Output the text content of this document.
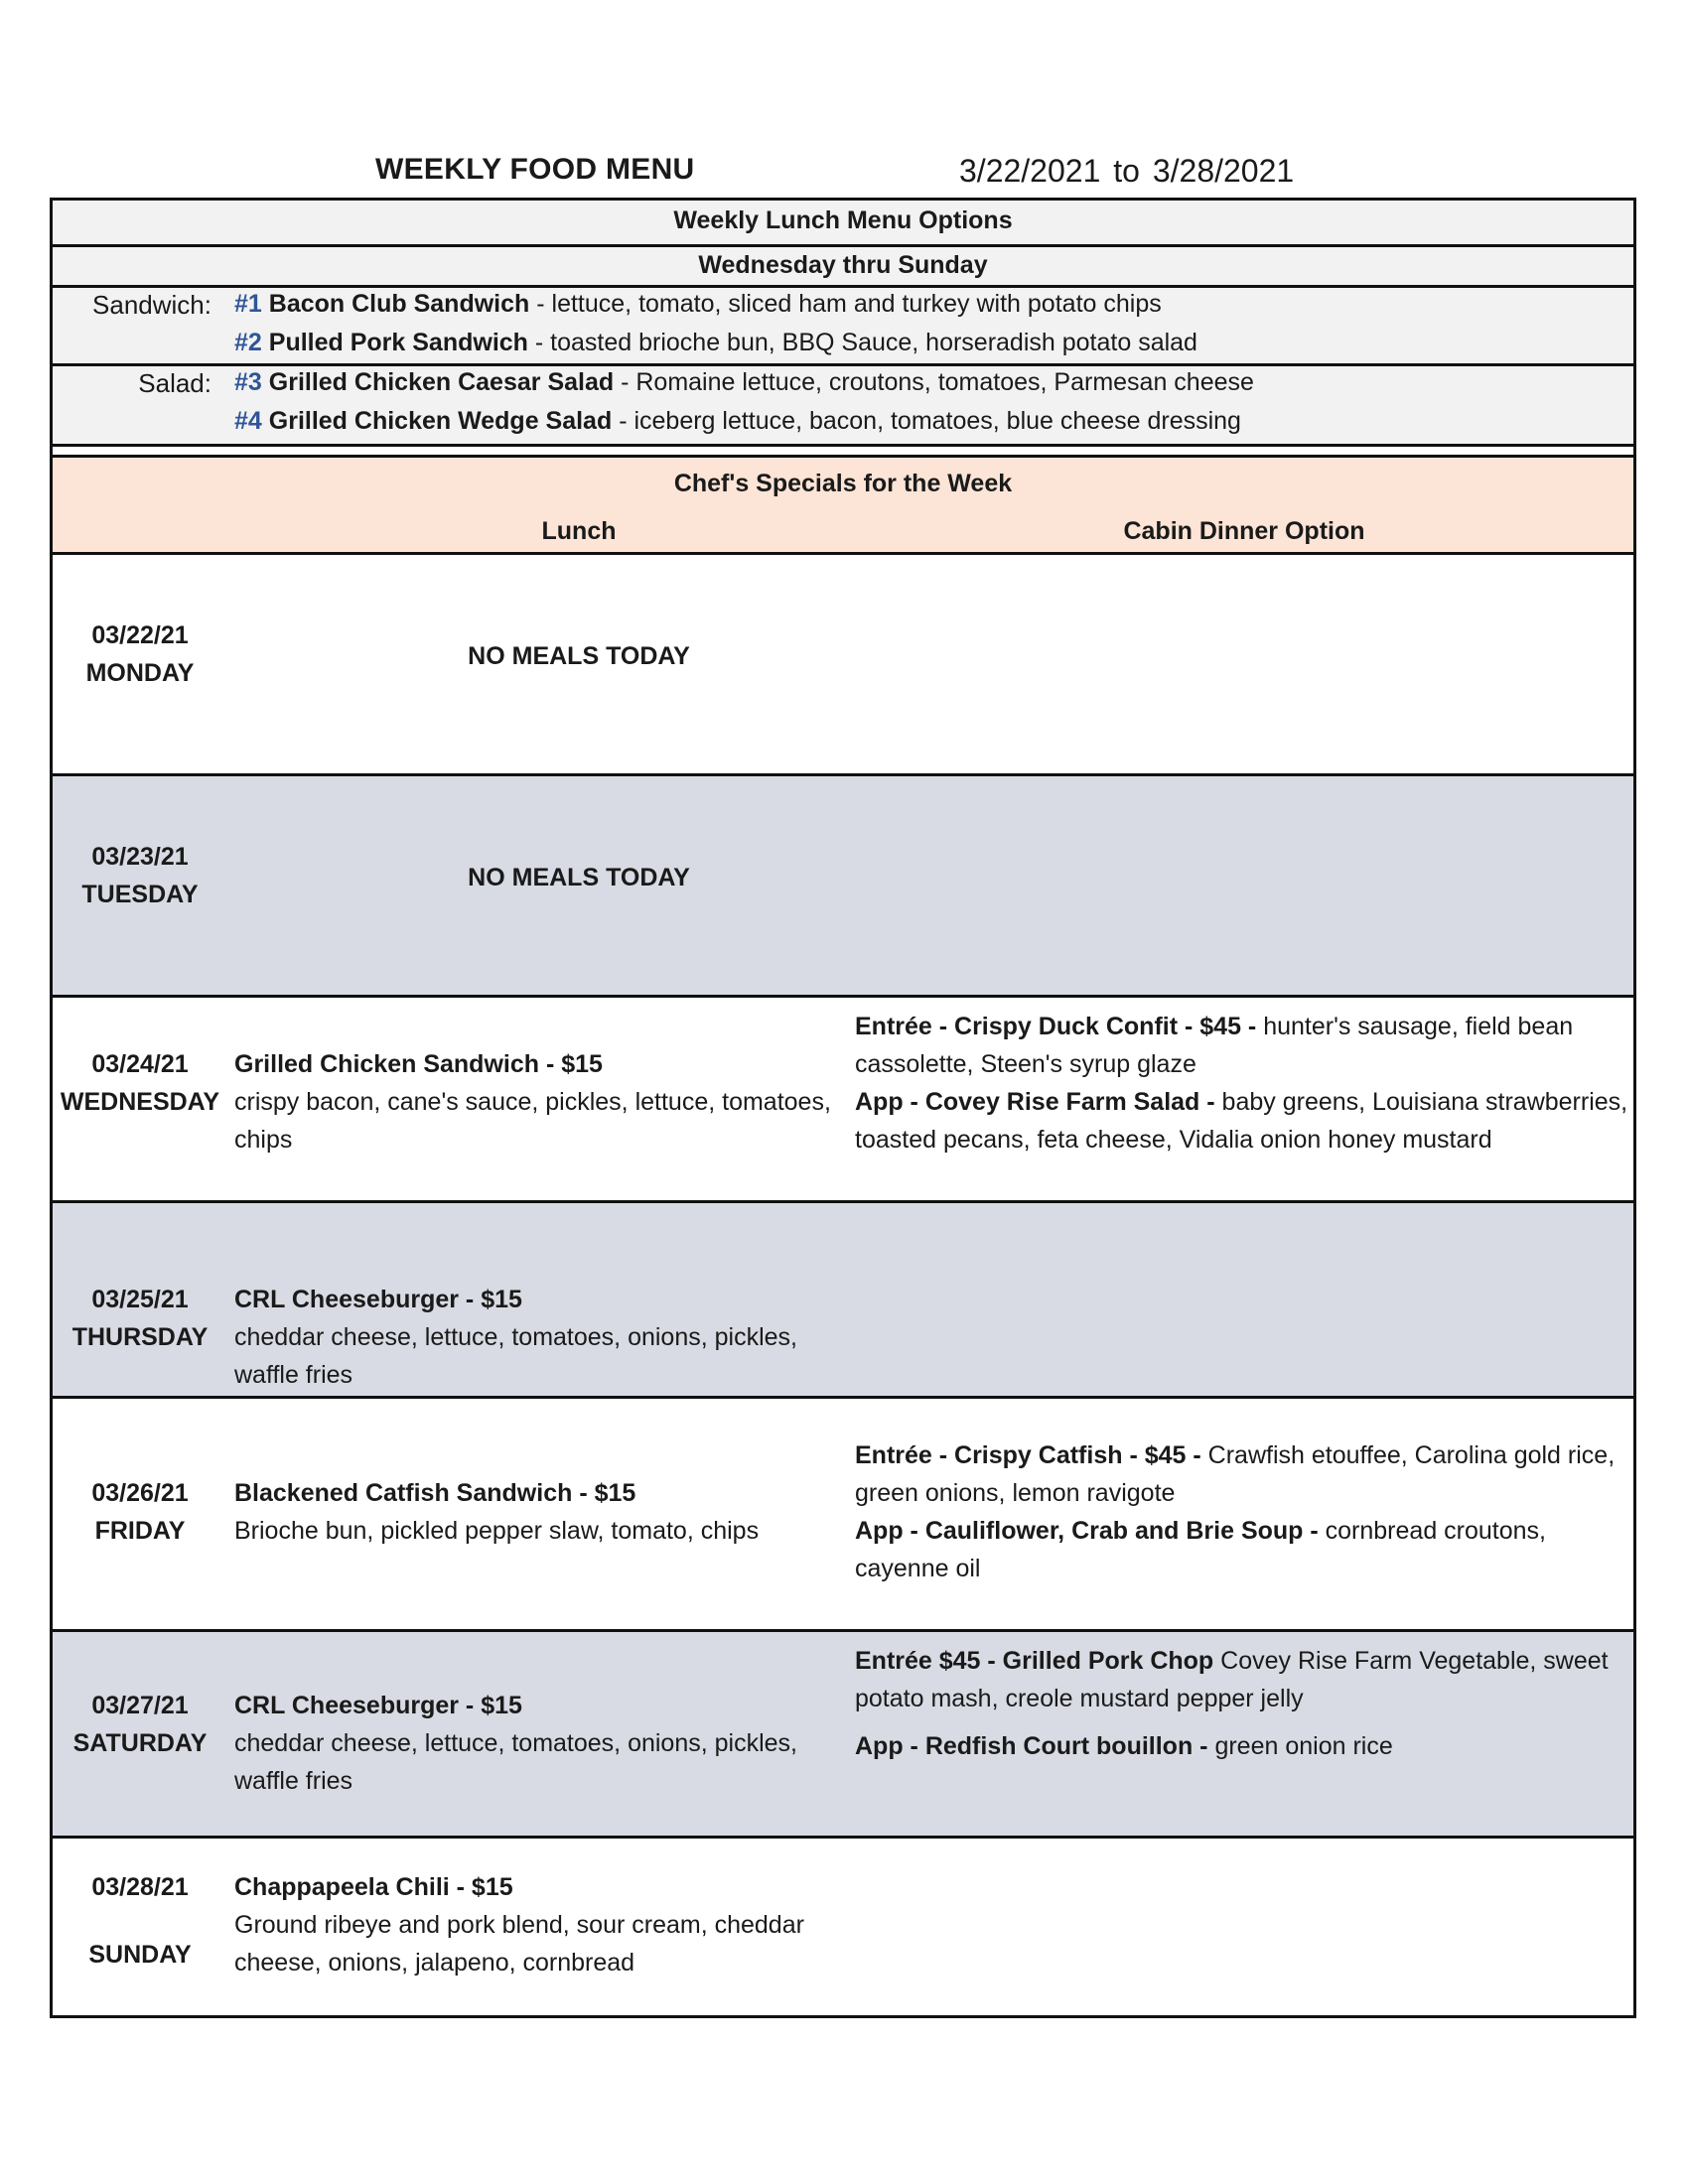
WEEKLY FOOD MENU	3/22/2021 to 3/28/2021
Weekly Lunch Menu Options
Wednesday thru Sunday
Sandwich: #1 Bacon Club Sandwich - lettuce, tomato, sliced ham and turkey with potato chips
#2 Pulled Pork Sandwich - toasted brioche bun, BBQ Sauce, horseradish potato salad
Salad: #3 Grilled Chicken Caesar Salad - Romaine lettuce, croutons, tomatoes, Parmesan cheese
#4 Grilled Chicken Wedge Salad - iceberg lettuce, bacon, tomatoes, blue cheese dressing
Chef's Specials for the Week
Lunch	Cabin Dinner Option
03/22/21
MONDAY
NO MEALS TODAY
03/23/21
TUESDAY
NO MEALS TODAY
03/24/21
WEDNESDAY
Grilled Chicken Sandwich - $15
crispy bacon, cane's sauce, pickles, lettuce, tomatoes, chips

Entrée - Crispy Duck Confit - $45 - hunter's sausage, field bean cassolette, Steen's syrup glaze

App - Covey Rise Farm Salad - baby greens, Louisiana strawberries, toasted pecans, feta cheese, Vidalia onion honey mustard

03/25/21
THURSDAY
CRL Cheeseburger - $15
cheddar cheese, lettuce, tomatoes, onions, pickles, waffle fries
03/26/21
FRIDAY
Blackened Catfish Sandwich - $15
Brioche bun, pickled pepper slaw, tomato, chips

Entrée - Crispy Catfish - $45 - Crawfish etouffee, Carolina gold rice, green onions, lemon ravigote

App - Cauliflower, Crab and Brie Soup - cornbread croutons, cayenne oil

03/27/21
SATURDAY
CRL Cheeseburger - $15
cheddar cheese, lettuce, tomatoes, onions, pickles, waffle fries

Entrée $45 - Grilled Pork Chop Covey Rise Farm Vegetable, sweet potato mash, creole mustard pepper jelly

App - Redfish Court bouillon - green onion rice

03/28/21
SUNDAY
Chappapeela Chili - $15
Ground ribeye and pork blend, sour cream, cheddar cheese, onions, jalapeno, cornbread
